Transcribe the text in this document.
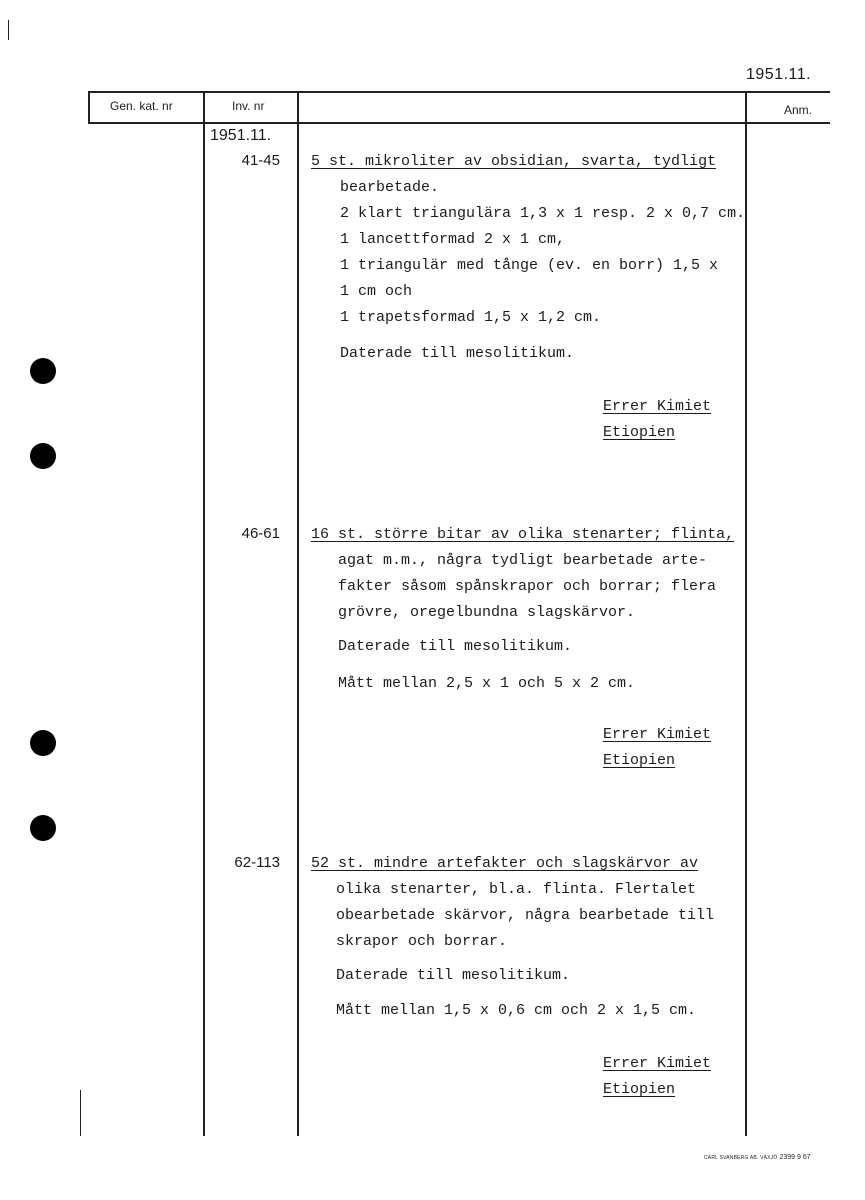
1951.11.
Gen. kat. nr	Inv. nr	Anm.
1951.11.
41-45 5 st. mikroliter av obsidian, svarta, tydligt
bearbetade.
2 klart triangulära 1,3 x 1 resp. 2 x 0,7 cm.
1 lancettformad 2 x 1 cm,
1 triangulär med tånge (ev. en borr) 1,5 x
1 cm och
1 trapetsformad 1,5 x 1,2 cm.
Daterade till mesolitikum.
Errer Kimiet
Etiopien
46-61 16 st. större bitar av olika stenarter; flinta,
agat m.m., några tydligt bearbetade arte-
fakter såsom spånskrapor och borrar; flera
grövre, oregelbundna slagskärvor.
Daterade till mesolitikum.
Mått mellan 2,5 x 1 och 5 x 2 cm.
Errer Kimiet
Etiopien
62-113 52 st. mindre artefakter och slagskärvor av
olika stenarter, bl.a. flinta. Flertalet
obearbetade skärvor, några bearbetade till
skrapor och borrar.
Daterade till mesolitikum.
Mått mellan 1,5 x 0,6 cm och 2 x 1,5 cm.
Errer Kimiet
Etiopien
CARL SVANBERG AB. VÄXJÖ 2399 9 67
